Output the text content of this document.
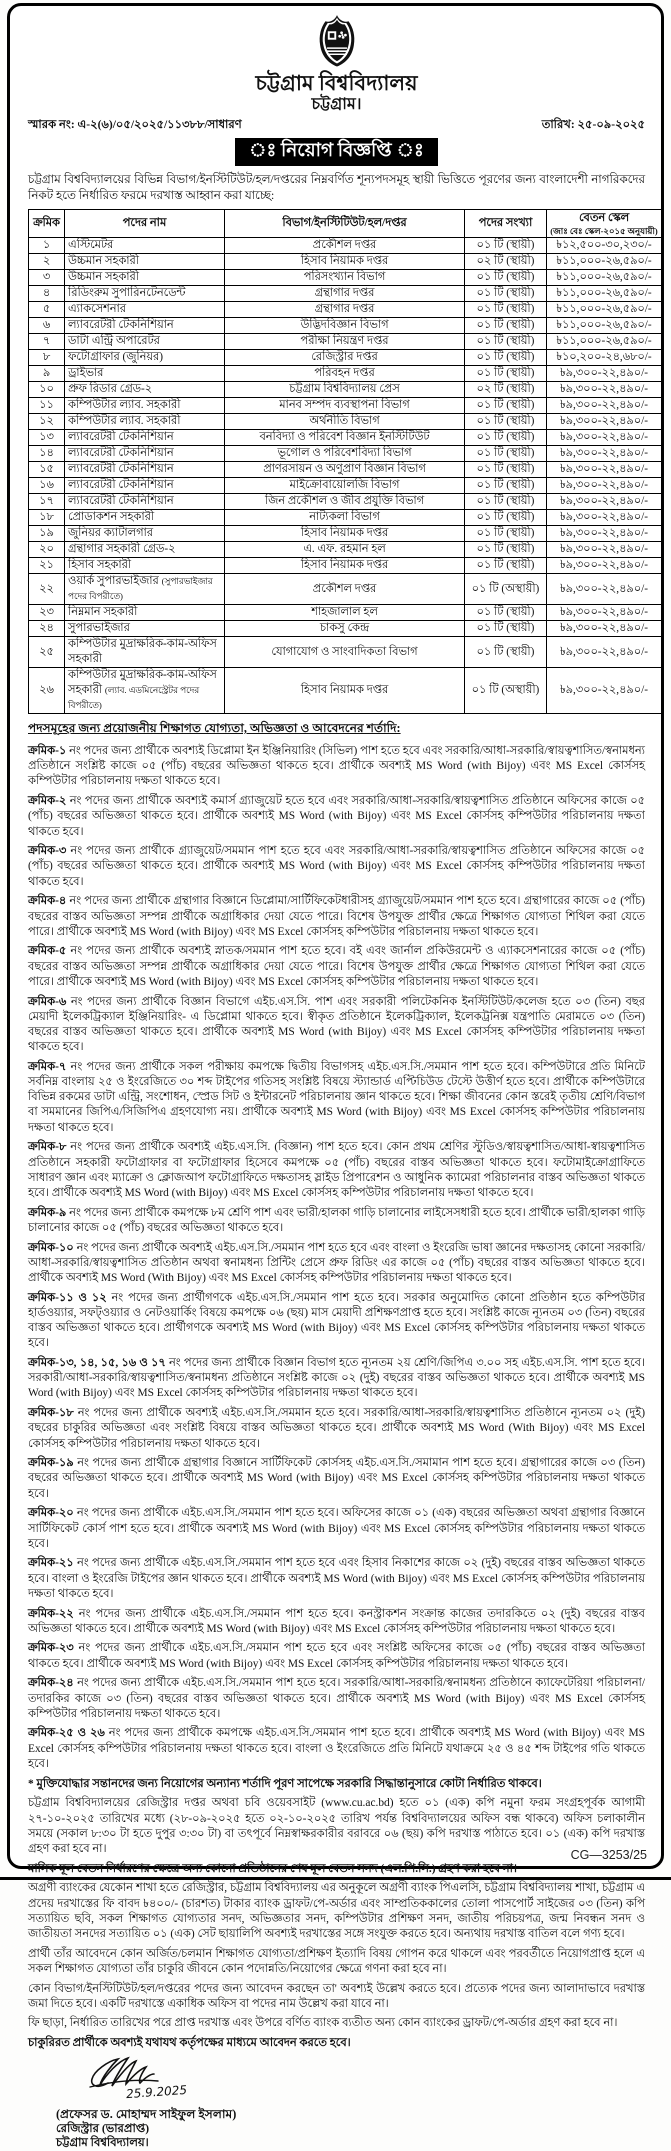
চট্টগ্রাম বিশ্ববিদ্যালয়
চট্টগ্রাম।
স্মারক নং: এ-২(৬)/০৫/২০২৫/১১৩৮৮/সাধারণ	তারিখ: ২৫-০৯-২০২৫
ঃ নিয়োগ বিজ্ঞপ্তি ঃ

চট্টগ্রাম বিশ্ববিদ্যালয়ের বিভিন্ন বিভাগ/ইনস্টিটিউট/হল/দপ্তরের নিম্নবর্ণিত শূন্যপদসমূহ স্থায়ী ভিত্তিতে পূরণের জন্য বাংলাদেশী নাগরিকদের নিকট হতে নির্ধারিত ফরমে দরখাস্ত আহ্বান করা যাচ্ছে:

ক্রমিক	পদের নাম	বিভাগ/ইনস্টিটিউট/হল/দপ্তর	পদের সংখ্যা	বেতন স্কেল
(জাঃ বেঃ স্কেল-২০১৫ অনুযায়ী)

১	এস্টিমেটর	প্রকৌশল দপ্তর	০১ টি (স্থায়ী)	৳১২,৫০০-৩০,২৩০/-
২	উচ্চমান সহকারী	হিসাব নিয়ামক দপ্তর	০২ টি (স্থায়ী)	৳১১,০০০-২৬,৫৯০/-
৩	উচ্চমান সহকারী	পরিসংখ্যান বিভাগ	০১ টি (স্থায়ী)	৳১১,০০০-২৬,৫৯০/-
৪	রিডিংরুম সুপারিনটেনডেন্ট	গ্রন্থাগার দপ্তর	০১ টি (স্থায়ী)	৳১১,০০০-২৬,৫৯০/-
৫	এ্যাকসেশনার	গ্রন্থাগার দপ্তর	০১ টি (স্থায়ী)	৳১১,০০০-২৬,৫৯০/-
৬	ল্যাবরেটরী টেকনিশিয়ান	উদ্ভিদবিজ্ঞান বিভাগ	০১ টি (স্থায়ী)	৳১১,০০০-২৬,৫৯০/-
৭	ডাটা এন্ট্রি অপারেটর	পরীক্ষা নিয়ন্ত্রণ দপ্তর	০১ টি (স্থায়ী)	৳১১,০০০-২৬,৫৯০/-
৮	ফটোগ্রাফার (জুনিয়র)	রেজিস্ট্রার দপ্তর	০১ টি (স্থায়ী)	৳১০,২০০-২৪,৬৮০/-
৯	ড্রাইভার	পরিবহন দপ্তর	০১ টি (স্থায়ী)	৳৯,৩০০-২২,৪৯০/-
১০	প্রুফ রিডার গ্রেড-২	চট্টগ্রাম বিশ্ববিদ্যালয় প্রেস	০২ টি (স্থায়ী)	৳৯,৩০০-২২,৪৯০/-
১১	কম্পিউটার ল্যাব. সহকারী	মানব সম্পদ ব্যবস্থাপনা বিভাগ	০১ টি (স্থায়ী)	৳৯,৩০০-২২,৪৯০/-
১২	কম্পিউটার ল্যাব. সহকারী	অর্থনীতি বিভাগ	০১ টি (স্থায়ী)	৳৯,৩০০-২২,৪৯০/-
১৩	ল্যাবরেটরী টেকনিশিয়ান	বনবিদ্যা ও পরিবেশ বিজ্ঞান ইনস্টিটিউট	০১ টি (স্থায়ী)	৳৯,৩০০-২২,৪৯০/-
১৪	ল্যাবরেটরী টেকনিশিয়ান	ভূগোল ও পরিবেশবিদ্যা বিভাগ	০১ টি (স্থায়ী)	৳৯,৩০০-২২,৪৯০/-
১৫	ল্যাবরেটরী টেকনিশিয়ান	প্রাণরসায়ন ও অণুপ্রাণ বিজ্ঞান বিভাগ	০১ টি (স্থায়ী)	৳৯,৩০০-২২,৪৯০/-
১৬	ল্যাবরেটরী টেকনিশিয়ান	মাইক্রোবায়োলজি বিভাগ	০১ টি (স্থায়ী)	৳৯,৩০০-২২,৪৯০/-
১৭	ল্যাবরেটরী টেকনিশিয়ান	জিন প্রকৌশল ও জীব প্রযুক্তি বিভাগ	০১ টি (স্থায়ী)	৳৯,৩০০-২২,৪৯০/-
১৮	প্রোডাকশন সহকারী	নাট্যকলা বিভাগ	০১ টি (স্থায়ী)	৳৯,৩০০-২২,৪৯০/-
১৯	জুনিয়র ক্যাটালগার	হিসাব নিয়ামক দপ্তর	০১ টি (স্থায়ী)	৳৯,৩০০-২২,৪৯০/-
২০	গ্রন্থাগার সহকারী গ্রেড-২	এ. এফ. রহমান হল	০১ টি (স্থায়ী)	৳৯,৩০০-২২,৪৯০/-
২১	হিসাব সহকারী	হিসাব নিয়ামক দপ্তর	০১ টি (স্থায়ী)	৳৯,৩০০-২২,৪৯০/-
২২	ওয়ার্ক সুপারভাইজার (সুপারভাইজার পদের বিপরীতে)	প্রকৌশল দপ্তর	০১ টি (অস্থায়ী)	৳৯,৩০০-২২,৪৯০/-
২৩	নিম্নমান সহকারী	শাহজালাল হল	০১ টি (স্থায়ী)	৳৯,৩০০-২২,৪৯০/-
২৪	সুপারভাইজার	চাকসু কেন্দ্র	০১ টি (স্থায়ী)	৳৯,৩০০-২২,৪৯০/-
২৫	কম্পিউটার মুদ্রাক্ষরিক-কাম-অফিস সহকারী	যোগাযোগ ও সাংবাদিকতা বিভাগ	০১ টি (স্থায়ী)	৳৯,৩০০-২২,৪৯০/-
২৬	কম্পিউটার মুদ্রাক্ষরিক-কাম-অফিস সহকারী (ল্যাব. এডমিনেস্ট্রেটর পদের বিপরীতে)	হিসাব নিয়ামক দপ্তর	০১ টি (অস্থায়ী)	৳৯,৩০০-২২,৪৯০/-
পদসমূহের জন্য প্রয়োজনীয় শিক্ষাগত যোগ্যতা, অভিজ্ঞতা ও আবেদনের শর্তাদি:

ক্রমিক-১ নং পদের জন্য প্রার্থীকে অবশ্যই ডিপ্লোমা ইন ইঞ্জিনিয়ারিং (সিভিল) পাশ হতে হবে এবং সরকারি/আধা-সরকারি/স্বায়ত্বশাসিত/স্বনামধন্য প্রতিষ্ঠানে সংশ্লিষ্ট কাজে ০৫ (পাঁচ) বছরের অভিজ্ঞতা থাকতে হবে। প্রার্থীকে অবশ্যই MS Word (with Bijoy) এবং MS Excel কোর্সসহ কম্পিউটার পরিচালনায় দক্ষতা থাকতে হবে।

ক্রমিক-২ নং পদের জন্য প্রার্থীকে অবশ্যই কমার্স গ্র্যাজুয়েট হতে হবে এবং সরকারি/আধা-সরকারি/স্বায়ত্বশাসিত প্রতিষ্ঠানে অফিসের কাজে ০৫ (পাঁচ) বছরের অভিজ্ঞতা থাকতে হবে। প্রার্থীকে অবশ্যই MS Word (with Bijoy) এবং MS Excel কোর্সসহ কম্পিউটার পরিচালনায় দক্ষতা থাকতে হবে।

ক্রমিক-৩ নং পদের জন্য প্রার্থীকে গ্র্যাজুয়েট/সমমান পাশ হতে হবে এবং সরকারি/আধা-সরকারি/স্বায়ত্বশাসিত প্রতিষ্ঠানে অফিসের কাজে ০৫ (পাঁচ) বছরের অভিজ্ঞতা থাকতে হবে। প্রার্থীকে অবশ্যই MS Word (with Bijoy) এবং MS Excel কোর্সসহ কম্পিউটার পরিচালনায় দক্ষতা থাকতে হবে।

ক্রমিক-৪ নং পদের জন্য প্রার্থীকে গ্রন্থাগার বিজ্ঞানে ডিপ্লোমা/সার্টিফিকেটধারীসহ গ্র্যাজুয়েট/সমমান পাশ হতে হবে। গ্রন্থাগারের কাজে ০৫ (পাঁচ) বছরের বাস্তব অভিজ্ঞতা সম্পন্ন প্রার্থীকে অগ্রাধিকার দেয়া যেতে পারে। বিশেষ উপযুক্ত প্রার্থীর ক্ষেত্রে শিক্ষাগত যোগ্যতা শিথিল করা যেতে পারে। প্রার্থীকে অবশ্যই MS Word (with Bijoy) এবং MS Excel কোর্সসহ কম্পিউটার পরিচালনায় দক্ষতা থাকতে হবে।

ক্রমিক-৫ নং পদের জন্য প্রার্থীকে অবশ্যই স্নাতক/সমমান পাশ হতে হবে। বই এবং জার্নাল প্রকিউরমেন্ট ও এ্যাকসেশনারের কাজে ০৫ (পাঁচ) বছরের বাস্তব অভিজ্ঞতা সম্পন্ন প্রার্থীকে অগ্রাধিকার দেয়া যেতে পারে। বিশেষ উপযুক্ত প্রার্থীর ক্ষেত্রে শিক্ষাগত যোগ্যতা শিথিল করা যেতে পারে। প্রার্থীকে অবশ্যই MS Word (with Bijoy) এবং MS Excel কোর্সসহ কম্পিউটার পরিচালনায় দক্ষতা থাকতে হবে।

ক্রমিক-৬ নং পদের জন্য প্রার্থীকে বিজ্ঞান বিভাগে এইচ.এস.সি. পাশ এবং সরকারী পলিটেকনিক ইনস্টিটিউট/কলেজ হতে ০৩ (তিন) বছর মেয়াদী ইলেকট্রিক্যাল ইঞ্জিনিয়ারিং- এ ডিপ্লোমা থাকতে হবে। স্বীকৃত প্রতিষ্ঠানে ইলেকট্রিক্যাল, ইলেকট্রনিক্স যন্ত্রপাতি মেরামতে ০৩ (তিন) বছরের বাস্তব অভিজ্ঞতা থাকতে হবে। প্রার্থীকে অবশ্যই MS Word (with Bijoy) এবং MS Excel কোর্সসহ কম্পিউটার পরিচালনায় দক্ষতা থাকতে হবে।

ক্রমিক-৭ নং পদের জন্য প্রার্থীকে সকল পরীক্ষায় কমপক্ষে দ্বিতীয় বিভাগসহ এইচ.এস.সি./সমমান পাশ হতে হবে। কম্পিউটারে প্রতি মিনিটে সর্বনিম্ন বাংলায় ২৫ ও ইংরেজিতে ৩০ শব্দ টাইপের গতিসহ সংশ্লিষ্ট বিষয়ে স্ট্যান্ডার্ড এপ্টিচিউড টেস্টে উত্তীর্ণ হতে হবে। প্রার্থীকে কম্পিউটারে বিভিন্ন রকমের ডাটা এন্ট্রি, সংশোধন, স্প্রেড সিট ও ইন্টারনেট পরিচালনায় জ্ঞান থাকতে হবে। শিক্ষা জীবনের কোন স্তরেই তৃতীয় শ্রেণি/বিভাগ বা সমমানের জিপিএ/সিজিপিএ গ্রহণযোগ্য নয়। প্রার্থীকে অবশ্যই MS Word (with Bijoy) এবং MS Excel কোর্সসহ কম্পিউটার পরিচালনায় দক্ষতা থাকতে হবে।

ক্রমিক-৮ নং পদের জন্য প্রার্থীকে অবশ্যই এইচ.এস.সি. (বিজ্ঞান) পাশ হতে হবে। কোন প্রথম শ্রেণির স্টুডিও/স্বায়ত্বশাসিত/আধা-স্বায়ত্বশাসিত প্রতিষ্ঠানে সহকারী ফটোগ্রাফার বা ফটোগ্রাফার হিসেবে কমপক্ষে ০৫ (পাঁচ) বছরের বাস্তব অভিজ্ঞতা থাকতে হবে। ফটোমাইক্রোগ্রাফিতে সাধারণ জ্ঞান এবং ম্যাক্রো ও ক্লোজআপ ফটোগ্রাফিতে দক্ষতাসহ স্লাইড প্রিপারেশন ও আধুনিক ক্যামেরা পরিচালনার বাস্তব অভিজ্ঞতা থাকতে হবে। প্রার্থীকে অবশ্যই MS Word (with Bijoy) এবং MS Excel কোর্সসহ কম্পিউটার পরিচালনায় দক্ষতা থাকতে হবে।

ক্রমিক-৯ নং পদের জন্য প্রার্থীকে কমপক্ষে ৮ম শ্রেণি পাশ এবং ভারী/হালকা গাড়ি চালানোর লাইসেসধারী হতে হবে। প্রার্থীকে ভারী/হালকা গাড়ি চালানোর কাজে ০৫ (পাঁচ) বছরের অভিজ্ঞতা থাকতে হবে।

ক্রমিক-১০ নং পদের জন্য প্রার্থীকে অবশ্যই এইচ.এস.সি./সমমান পাশ হতে হবে এবং বাংলা ও ইংরেজি ভাষা জ্ঞানের দক্ষতাসহ কোনো সরকারি/আধা-সরকারি/স্বায়ত্বশাসিত প্রতিষ্ঠান অথবা স্বনামধন্য প্রিন্টিং প্রেসে প্রুফ রিডিং এর কাজে ০৫ (পাঁচ) বছরের বাস্তব অভিজ্ঞতা থাকতে হবে। প্রার্থীকে অবশ্যই MS Word (With Bijoy) এবং MS Excel কোর্সসহ কম্পিউটার পরিচালনায় দক্ষতা থাকতে হবে।

ক্রমিক-১১ ও ১২ নং পদের জন্য প্রার্থীগণকে এইচ.এস.সি./সমমান পাশ হতে হবে। সরকার অনুমোদিত কোনো প্রতিষ্ঠান হতে কম্পিউটার হার্ডওয়্যার, সফট্‌ওয়্যার ও নেটওয়ার্কিং বিষয়ে কমপক্ষে ০৬ (ছয়) মাস মেয়াদী প্রশিক্ষণপ্রাপ্ত হতে হবে। সংশ্লিষ্ট কাজে ন্যূনতম ০৩ (তিন) বছরের বাস্তব অভিজ্ঞতা থাকতে হবে। প্রার্থীগণকে অবশ্যই MS Word (with Bijoy) এবং MS Excel কোর্সসহ কম্পিউটার পরিচালনায় দক্ষতা থাকতে হবে।

ক্রমিক-১৩, ১৪, ১৫, ১৬ ও ১৭ নং পদের জন্য প্রার্থীকে বিজ্ঞান বিভাগ হতে ন্যূনতম ২য় শ্রেণি/জিপিএ ৩.০০ সহ এইচ.এস.সি. পাশ হতে হবে। সরকারী/আধা-সরকারি/স্বায়ত্বশাসিত/স্বনামধন্য প্রতিষ্ঠানে সংশ্লিষ্ট কাজে ০২ (দুই) বছরের বাস্তব অভিজ্ঞতা থাকতে হবে। প্রার্থীকে অবশ্যই MS Word (with Bijoy) এবং MS Excel কোর্সসহ কম্পিউটার পরিচালনায় দক্ষতা থাকতে হবে।

ক্রমিক-১৮ নং পদের জন্য প্রার্থীকে অবশ্যই এইচ.এস.সি./সমমান হতে হবে। সরকারি/আধা-সরকারি/স্বায়ত্বশাসিত প্রতিষ্ঠানে ন্যূনতম ০২ (দুই) বছরের চাকুরির অভিজ্ঞতা এবং সংশ্লিষ্ট বিষয়ে বাস্তব অভিজ্ঞতা থাকতে হবে। প্রার্থীকে অবশ্যই MS Word (With Bijoy) এবং MS Excel কোর্সসহ কম্পিউটার পরিচালনায় দক্ষতা থাকতে হবে।

ক্রমিক-১৯ নং পদের জন্য প্রার্থীকে গ্রন্থাগার বিজ্ঞানে সার্টিফিকেট কোর্সসহ এইচ.এস.সি./সমামান পাশ হতে হবে। গ্রন্থাগারের কাজে ০৩ (তিন) বছরের অভিজ্ঞতা থাকতে হবে। প্রার্থীকে অবশ্যই MS Word (with Bijoy) এবং MS Excel কোর্সসহ কম্পিউটার পরিচালনায় দক্ষতা থাকতে হবে।

ক্রমিক-২০ নং পদের জন্য প্রার্থীকে এইচ.এস.সি./সমমান পাশ হতে হবে। অফিসের কাজে ০১ (এক) বছরের অভিজ্ঞতা অথবা গ্রন্থাগার বিজ্ঞানে সার্টিফিকেট কোর্স পাশ হতে হবে। প্রার্থীকে অবশ্যই MS Word (with Bijoy) এবং MS Excel কোর্সসহ কম্পিউটার পরিচালনায় দক্ষতা থাকতে হবে।

ক্রমিক-২১ নং পদের জন্য প্রার্থীকে এইচ.এস.সি./সমমান পাশ হতে হবে এবং হিসাব নিকাশের কাজে ০২ (দুই) বছরের বাস্তব অভিজ্ঞতা থাকতে হবে। বাংলা ও ইংরেজি টাইপের জ্ঞান থাকতে হবে। প্রার্থীকে অবশ্যই MS Word (with Bijoy) এবং MS Excel কোর্সসহ কম্পিউটার পরিচালনায় দক্ষতা থাকতে হবে।

ক্রমিক-২২ নং পদের জন্য প্রার্থীকে এইচ.এস.সি./সমমান পাশ হতে হবে। কনস্ট্রাকশন সংক্রান্ত কাজের তদারকিতে ০২ (দুই) বছরের বাস্তব অভিজ্ঞতা থাকতে হবে। প্রার্থীকে অবশ্যই MS Word (with Bijoy) এবং MS Excel কোর্সসহ কম্পিউটার পরিচালনায় দক্ষতা থাকতে হবে।

ক্রমিক-২৩ নং পদের জন্য প্রার্থীকে এইচ.এস.সি./সমমান পাশ হতে হবে এবং সংশ্লিষ্ট অফিসের কাজে ০৫ (পাঁচ) বছরের বাস্তব অভিজ্ঞতা থাকতে হবে। প্রার্থীকে অবশ্যই MS Word (with Bijoy) এবং MS Excel কোর্সসহ কম্পিউটার পরিচালনায় দক্ষতা থাকতে হবে।

ক্রমিক-২৪ নং পদের জন্য প্রার্থীকে এইচ.এস.সি./সমমান পাশ হতে হবে। সরকারি/আধা-সরকারি/স্বনামধন্য প্রতিষ্ঠানে ক্যাফেটেরিয়া পরিচালনা/তদারকির কাজে ০৩ (তিন) বছরের বাস্তব অভিজ্ঞতা থাকতে হবে। প্রার্থীকে অবশ্যই MS Word (with Bijoy) এবং MS Excel কোর্সসহ কম্পিউটার পরিচালনায় দক্ষতা থাকতে হবে।

ক্রমিক-২৫ ও ২৬ নং পদের জন্য প্রার্থীকে কমপক্ষে এইচ.এস.সি./সমমান পাশ হতে হবে। প্রার্থীকে অবশ্যই MS Word (with Bijoy) এবং MS Excel কোর্সসহ কম্পিউটার পরিচালনায় দক্ষতা থাকতে হবে। বাংলা ও ইংরেজিতে প্রতি মিনিটে যথাক্রমে ২৫ ও ৪৫ শব্দ টাইপের গতি থাকতে হবে।

* মুক্তিযোদ্ধার সন্তানদের জন্য নিয়োগের অন্যান্য শর্তাদি পূরণ সাপেক্ষে সরকারি সিদ্ধান্তানুসারে কোটা নির্ধারিত থাকবে।

চট্টগ্রাম বিশ্ববিদ্যালয়ের রেজিস্ট্রার দপ্তর অথবা চবি ওয়েবসাইট (www.cu.ac.bd) হতে ০১ (এক) কপি নমুনা ফরম সংগ্রহপূর্বক আগামী ২৭-১০-২০২৫ তারিখের মধ্যে (২৮-০৯-২০২৫ হতে ০২-১০-২০২৫ তারিখ পর্যন্ত বিশ্ববিদ্যালয়ের অফিস বন্ধ থাকবে) অফিস চলাকালীন সময়ে (সকাল ৮:৩০ টা হতে দুপুর ৩:৩০ টা) বা তৎপূর্বে নিম্নস্বাক্ষরকারীর বরাবরে ০৬ (ছয়) কপি দরখাস্ত পাঠাতে হবে। ০১ (এক) কপি দরখাস্ত গ্রহণ করা হবে না।

মাসিক মূল বেতন নির্ধারণের ক্ষেত্রে অন্য কোনো প্রতিষ্ঠানের শেষ মূল বেতন সনদ (এল.পি.সি.) গ্রহণ করা হবে না।

অগ্রণী ব্যাংকের যেকোন শাখা হতে রেজিস্ট্রার, চট্টগ্রাম বিশ্ববিদ্যালয় এর অনুকূলে অগ্রণী ব্যাংক পিএলসি, চট্টগ্রাম বিশ্ববিদ্যালয় শাখা, চট্টগ্রাম এ প্রদেয় দরখাস্তের ফি বাবদ ৳৪০০/- (চারশত) টাকার ব্যাংক ড্রাফট/পে-অর্ডার এবং সাম্প্রতিককালের তোলা পাসপোর্ট সাইজের ০৩ (তিন) কপি সত্যায়িত ছবি, সকল শিক্ষাগত যোগ্যতার সনদ, অভিজ্ঞতার সনদ, কম্পিউটার প্রশিক্ষণ সনদ, জাতীয় পরিচয়পত্র, জন্ম নিবন্ধন সনদ ও জাতীয়তা সনদের সত্যায়িত ০১ (এক) সেট ছায়ালিপি অবশ্যই দরখাস্তের সঙ্গে সংযুক্ত করতে হবে। অন্যথায় দরখাস্ত বাতিল বলে গণ্য হবে।

প্রার্থী তাঁর আবেদনে কোন অর্জিত/চলমান শিক্ষাগত যোগ্যতা/প্রশিক্ষণ ইত্যাদি বিষয় গোপন করে থাকলে এবং পরবর্তীতে নিয়োগপ্রাপ্ত হলে এ সকল শিক্ষাগত যোগ্যতা তাঁর চাকুরি জীবনে কোন পদোন্নতি/নিয়োগের ক্ষেত্রে গণনা করা হবে না।

কোন বিভাগ/ইনস্টিটিউট/হল/দপ্তরের পদের জন্য আবেদন করছেন তা' অবশ্যই উল্লেখ করতে হবে। প্রত্যেক পদের জন্য আলাদাভাবে দরখাস্ত জমা দিতে হবে। একটি দরখাস্তে একাধিক অফিস বা পদের নাম উল্লেখ করা যাবে না।

ফি ছাড়া, নির্ধারিত তারিখের পরে প্রাপ্ত দরখাস্ত এবং উপরে বর্ণিত ব্যাংক ব্যতীত অন্য কোন ব্যাংকের ড্রাফট/পে-অর্ডার গ্রহণ করা হবে না।

চাকুরিরত প্রার্থীকে অবশ্যই যথাযথ কর্তৃপক্ষের মাধ্যমে আবেদন করতে হবে।

25.9.2025
(প্রফেসর ড. মোহাম্মদ সাইফুল ইসলাম)
রেজিস্ট্রার (ভারপ্রাপ্ত)
চট্টগ্রাম বিশ্ববিদ্যালয়।
CG—3253/25
